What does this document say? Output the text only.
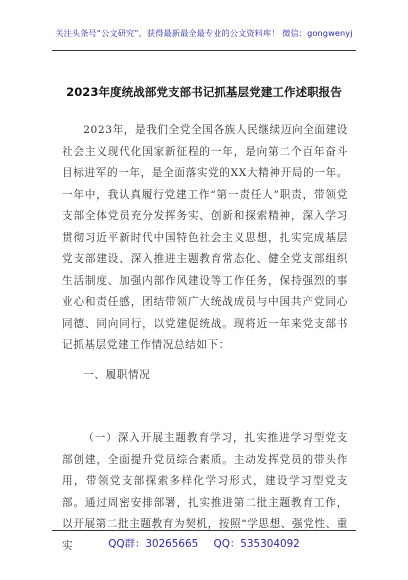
关注头条号“公文研究”，获得最新最全最专业的公文资料库！ 微信：gongwenyj
2023年度统战部党支部书记抓基层党建工作述职报告
2023年，是我们全党全国各族人民继续迈向全面建设社会主义现代化国家新征程的一年，是向第二个百年奋斗目标进军的一年，是全面落实党的XX大精神开局的一年。一年中，我认真履行党建工作“第一责任人”职责，带领党支部全体党员充分发挥务实、创新和探索精神，深入学习贯彻习近平新时代中国特色社会主义思想，扎实完成基层党支部建设、深入推进主题教育常态化、健全党支部组织生活制度、加强内部作风建设等工作任务，保持强烈的事业心和责任感，团结带领广大统战成员与中国共产党同心同德、同向同行，以党建促统战。现将近一年来党支部书记抓基层党建工作情况总结如下：
一、履职情况
（一）深入开展主题教育学习，扎实推进学习型党支部创建，全面提升党员综合素质。主动发挥党员的带头作用，带领党支部探索多样化学习形式，建设学习型党支部。通过周密安排部署，扎实推进第二批主题教育工作，以开展第二批主题教育为契机，按照“学思想、强党性、重实	QQ群：30265665 QQ：535304092
